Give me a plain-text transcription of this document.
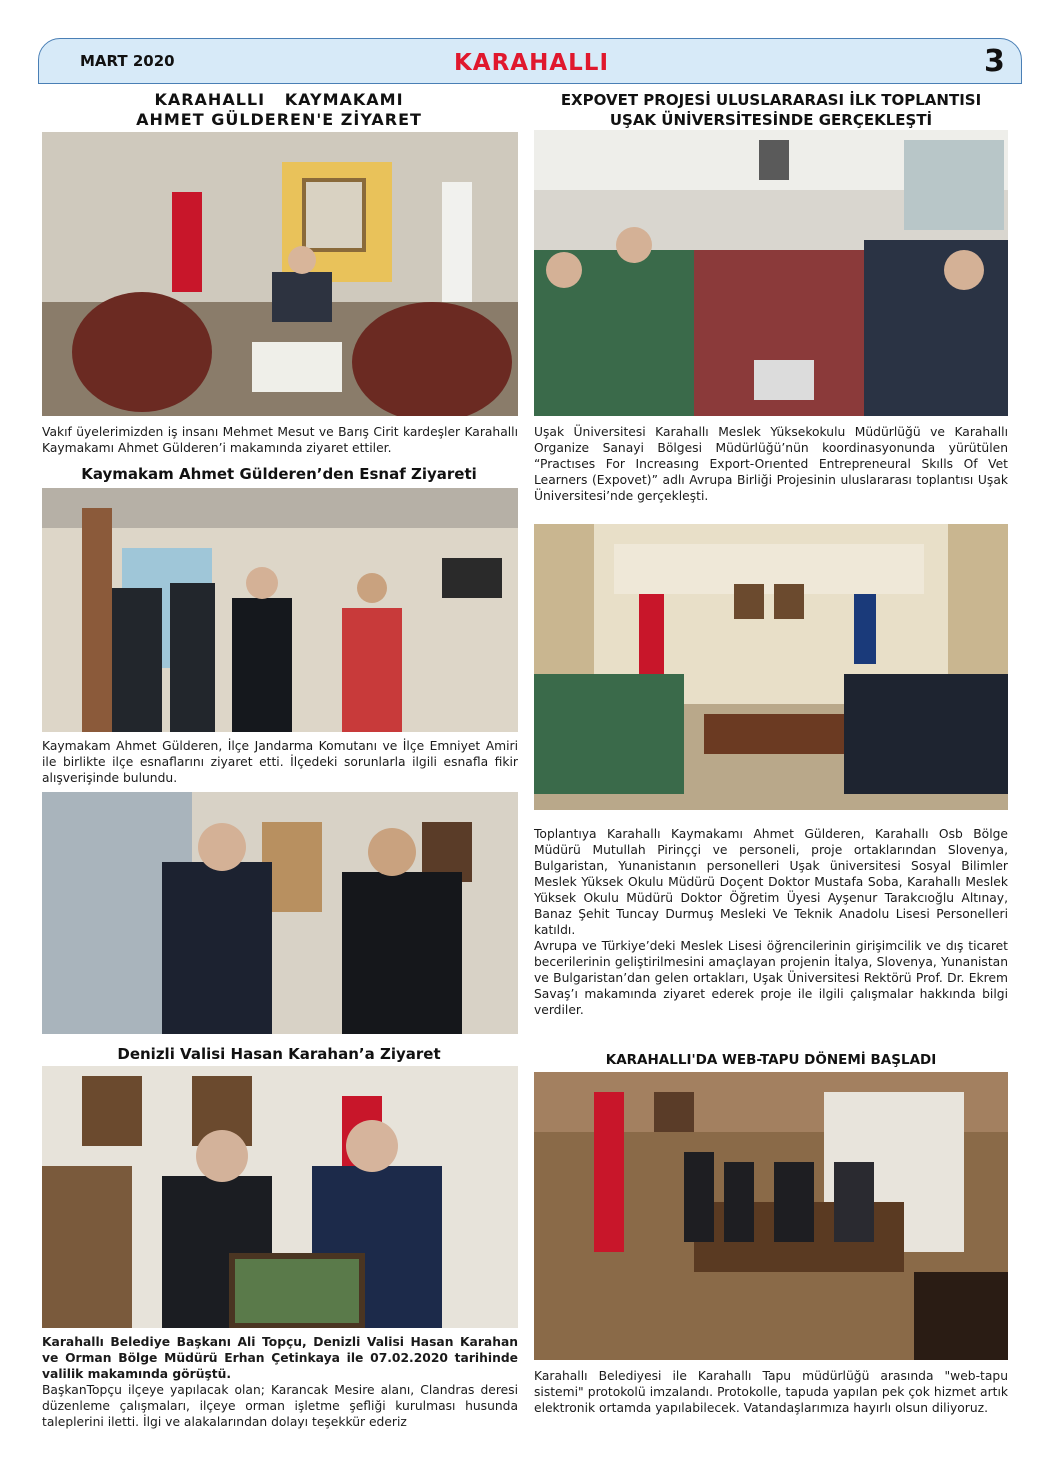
MART 2020	KARAHALLI	3
KARAHALLI   KAYMAKAMI
AHMET GÜLDEREN'E ZİYARET
Vakıf üyelerimizden iş insanı Mehmet Mesut ve Barış Cirit kardeşler Karahallı Kaymakamı Ahmet Gülderen’i makamında ziyaret ettiler.
Kaymakam Ahmet Gülderen’den Esnaf Ziyareti
Kaymakam Ahmet Gülderen, İlçe Jandarma Komutanı ve İlçe Emniyet Amiri ile birlikte ilçe esnaflarını ziyaret etti. İlçedeki sorunlarla ilgili esnafla fikir alışverişinde bulundu.
Denizli Valisi Hasan Karahan’a Ziyaret

Karahallı Belediye Başkanı Ali Topçu, Denizli Valisi Hasan Karahan ve Orman Bölge Müdürü Erhan Çetinkaya ile 07.02.2020 tarihinde valilik makamında görüştü.

BaşkanTopçu ilçeye yapılacak olan; Karancak Mesire alanı, Clandras deresi düzenleme çalışmaları, ilçeye orman işletme şefliği kurulması husunda taleplerini iletti. İlgi ve alakalarından dolayı teşekkür ederiz

EXPOVET PROJESİ ULUSLARARASI İLK TOPLANTISI
UŞAK ÜNİVERSİTESİNDE GERÇEKLEŞTİ
Uşak Üniversitesi Karahallı Meslek Yüksekokulu Müdürlüğü ve Karahallı Organize Sanayi Bölgesi Müdürlüğü’nün koordinasyonunda yürütülen “Practıses For Increasıng Export-Orıented Entrepreneural Skılls Of Vet Learners (Expovet)” adlı Avrupa Birliği Projesinin uluslararası toplantısı Uşak Üniversitesi’nde gerçekleşti.

Toplantıya Karahallı Kaymakamı Ahmet Gülderen, Karahallı Osb Bölge Müdürü Mutullah Pirinççi ve personeli, proje ortaklarından Slovenya, Bulgaristan, Yunanistanın personelleri Uşak üniversitesi Sosyal Bilimler Meslek Yüksek Okulu Müdürü Doçent Doktor Mustafa Soba, Karahallı Meslek Yüksek Okulu Müdürü Doktor Öğretim Üyesi Ayşenur Tarakcıoğlu Altınay, Banaz Şehit Tuncay Durmuş Mesleki Ve Teknik Anadolu Lisesi Personelleri katıldı.

Avrupa ve Türkiye’deki Meslek Lisesi öğrencilerinin girişimcilik ve dış ticaret becerilerinin geliştirilmesini amaçlayan projenin İtalya, Slovenya, Yunanistan ve Bulgaristan’dan gelen ortakları, Uşak Üniversitesi Rektörü Prof. Dr. Ekrem Savaş’ı makamında ziyaret ederek proje ile ilgili çalışmalar hakkında bilgi verdiler.

KARAHALLI'DA WEB-TAPU DÖNEMİ BAŞLADI
Karahallı Belediyesi ile Karahallı Tapu müdürlüğü arasında "web-tapu sistemi" protokolü imzalandı. Protokolle, tapuda yapılan pek çok hizmet artık elektronik ortamda yapılabilecek. Vatandaşlarımıza hayırlı olsun diliyoruz.
